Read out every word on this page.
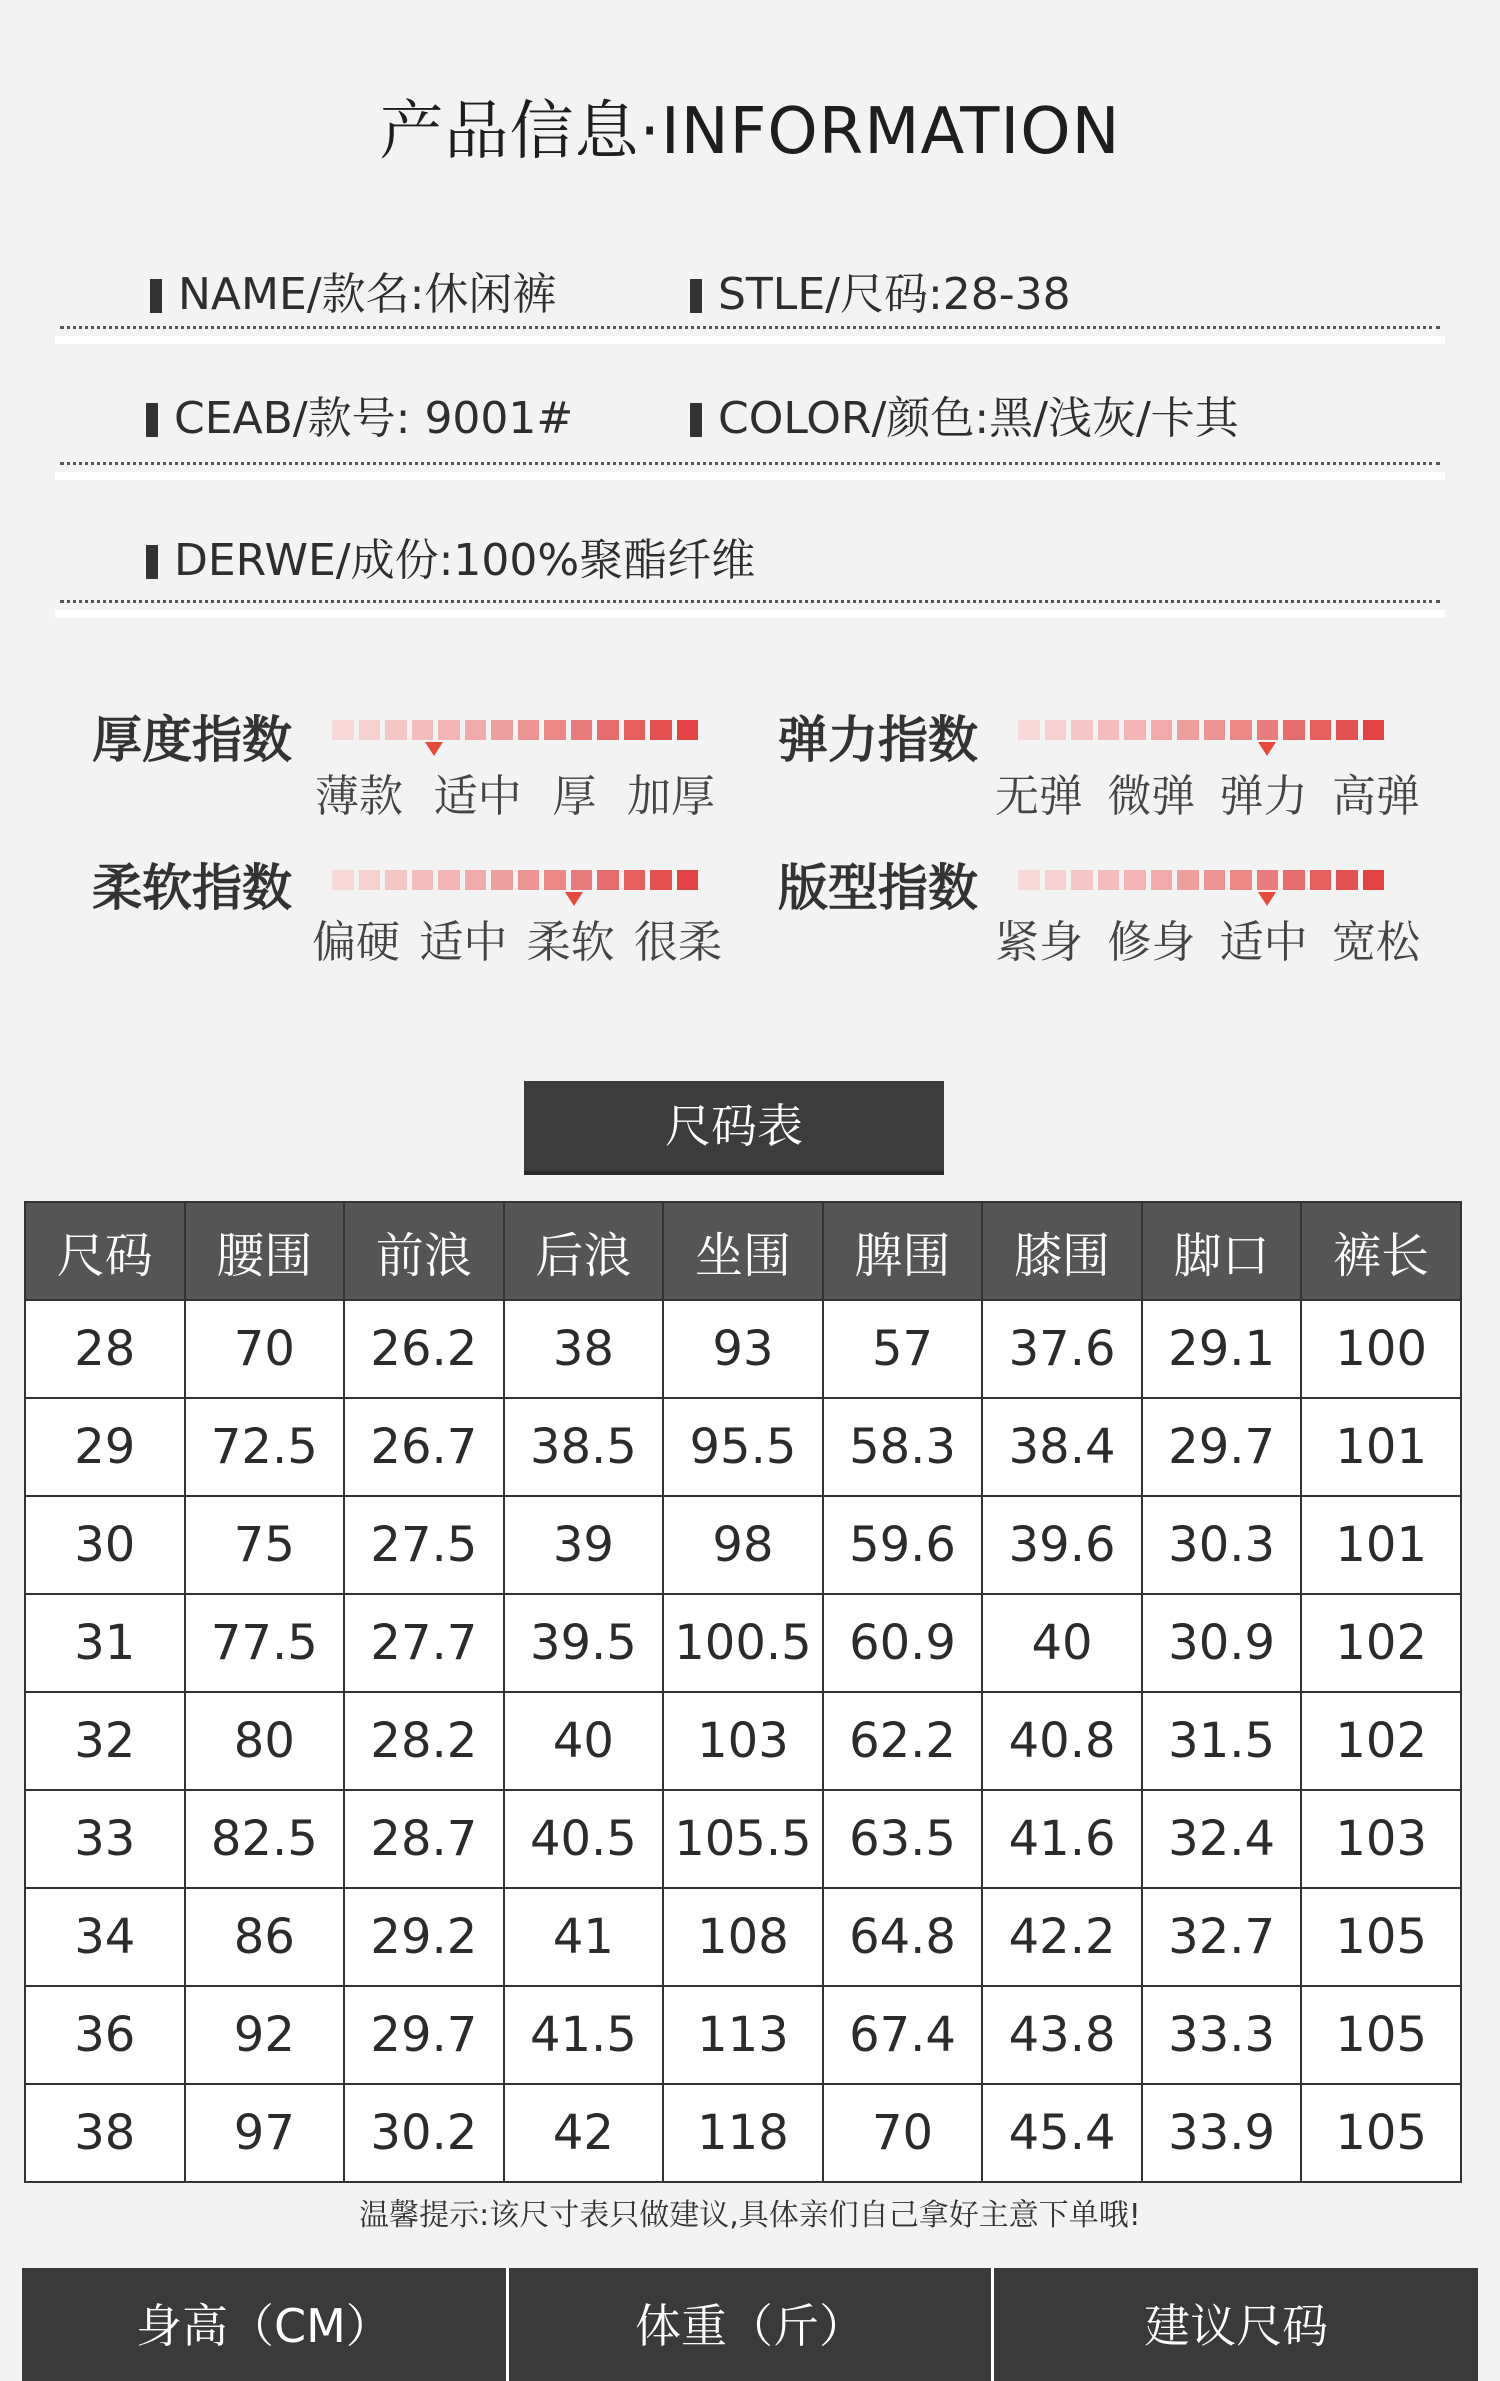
产品信息·INFORMATION
NAME/款名:休闲裤	STLE/尺码:28-38
CEAB/款号: 9001#	COLOR/颜色:黑/浅灰/卡其
DERWE/成份:100%聚酯纤维
厚度指数
薄款 适中 厚 加厚
弹力指数
无弹 微弹 弹力 高弹
柔软指数
偏硬 适中 柔软 很柔
版型指数
紧身 修身 适中 宽松
尺码表
尺码	腰围	前浪	后浪	坐围	脾围	膝围	脚口	裤长
28	70	26.2	38	93	57	37.6	29.1	100
29	72.5	26.7	38.5	95.5	58.3	38.4	29.7	101
30	75	27.5	39	98	59.6	39.6	30.3	101
31	77.5	27.7	39.5	100.5	60.9	40	30.9	102
32	80	28.2	40	103	62.2	40.8	31.5	102
33	82.5	28.7	40.5	105.5	63.5	41.6	32.4	103
34	86	29.2	41	108	64.8	42.2	32.7	105
36	92	29.7	41.5	113	67.4	43.8	33.3	105
38	97	30.2	42	118	70	45.4	33.9	105
温馨提示:该尺寸表只做建议,具体亲们自己拿好主意下单哦!
身高（CM）	体重（斤）	建议尺码
